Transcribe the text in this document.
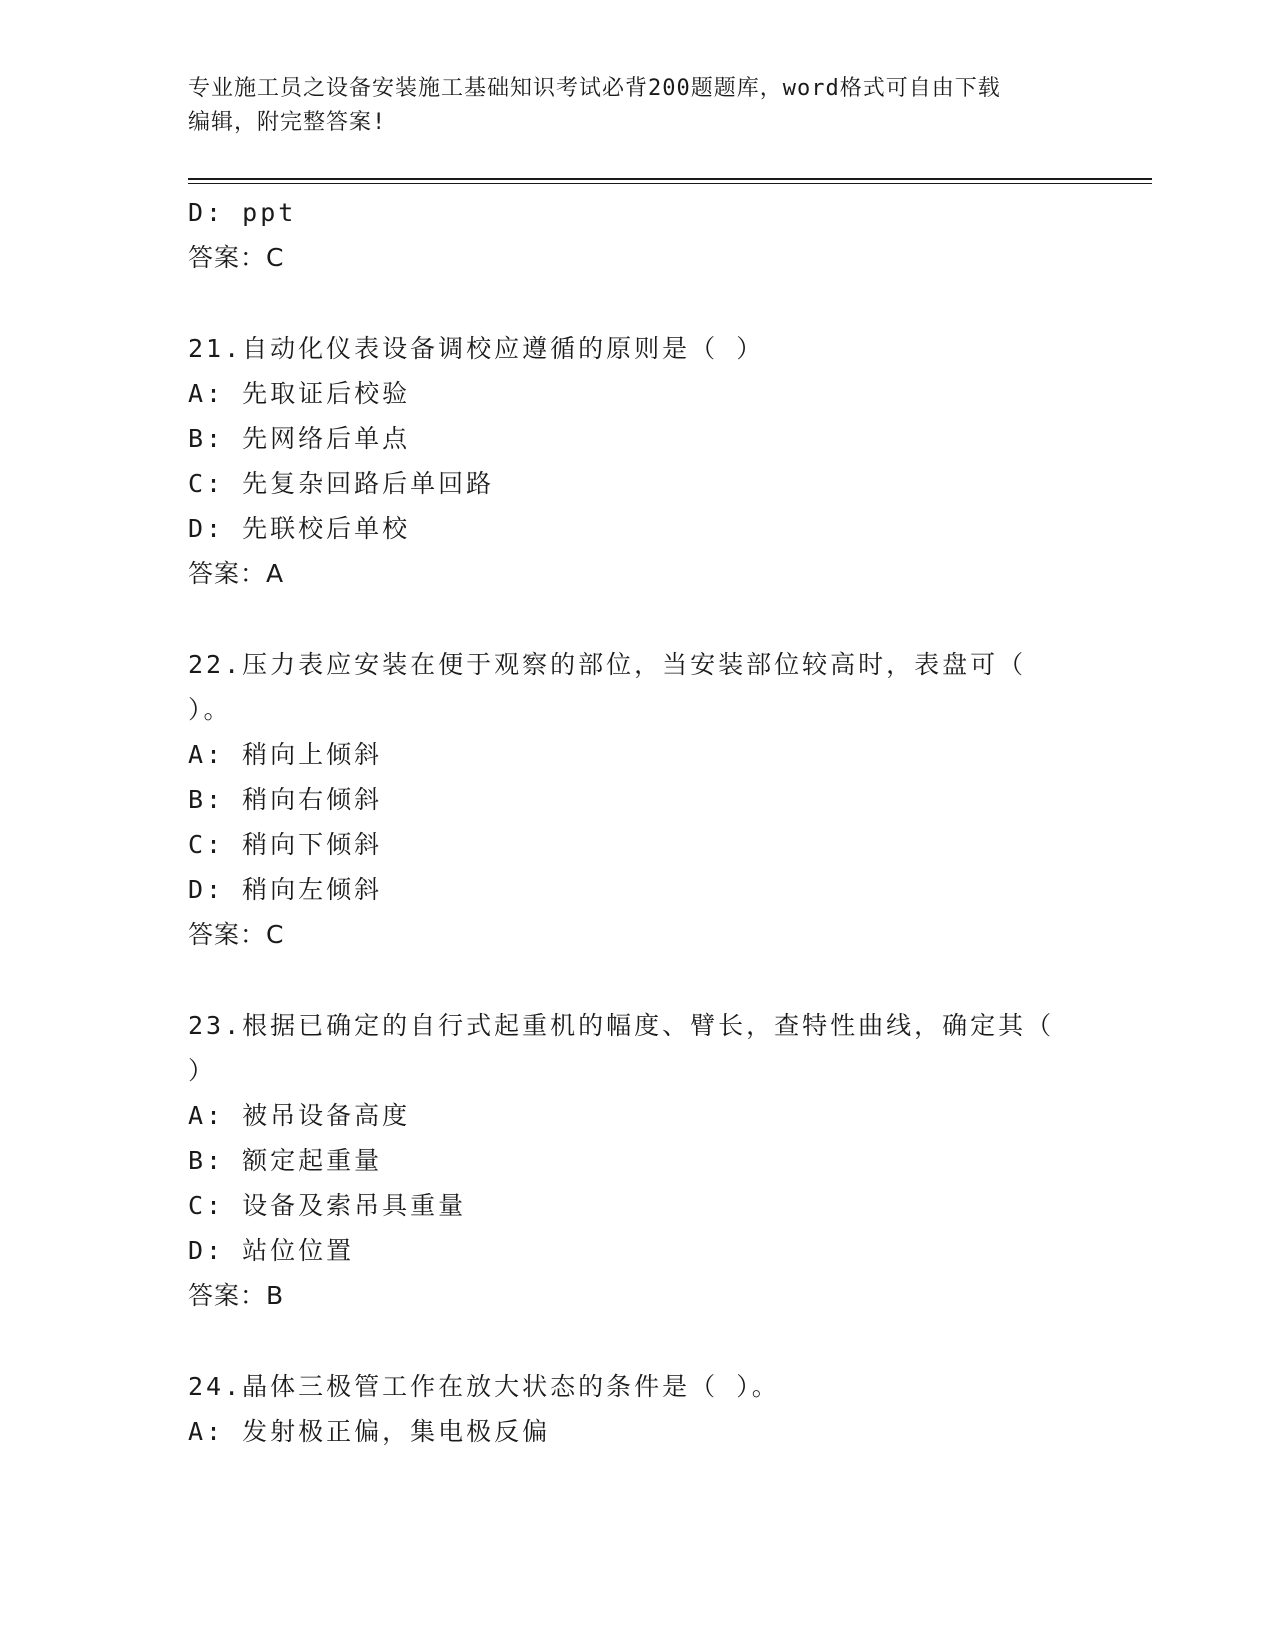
专业施工员之设备安装施工基础知识考试必背200题题库，word格式可自由下载
编辑，附完整答案!
D: ppt
答案：C
21.自动化仪表设备调校应遵循的原则是（ ）
A: 先取证后校验
B: 先网络后单点
C: 先复杂回路后单回路
D: 先联校后单校
答案：A
22.压力表应安装在便于观察的部位，当安装部位较高时，表盘可（
）。
A: 稍向上倾斜
B: 稍向右倾斜
C: 稍向下倾斜
D: 稍向左倾斜
答案：C
23.根据已确定的自行式起重机的幅度、臂长，查特性曲线，确定其（
）
A: 被吊设备高度
B: 额定起重量
C: 设备及索吊具重量
D: 站位位置
答案：B
24.晶体三极管工作在放大状态的条件是（ ）。
A: 发射极正偏，集电极反偏
